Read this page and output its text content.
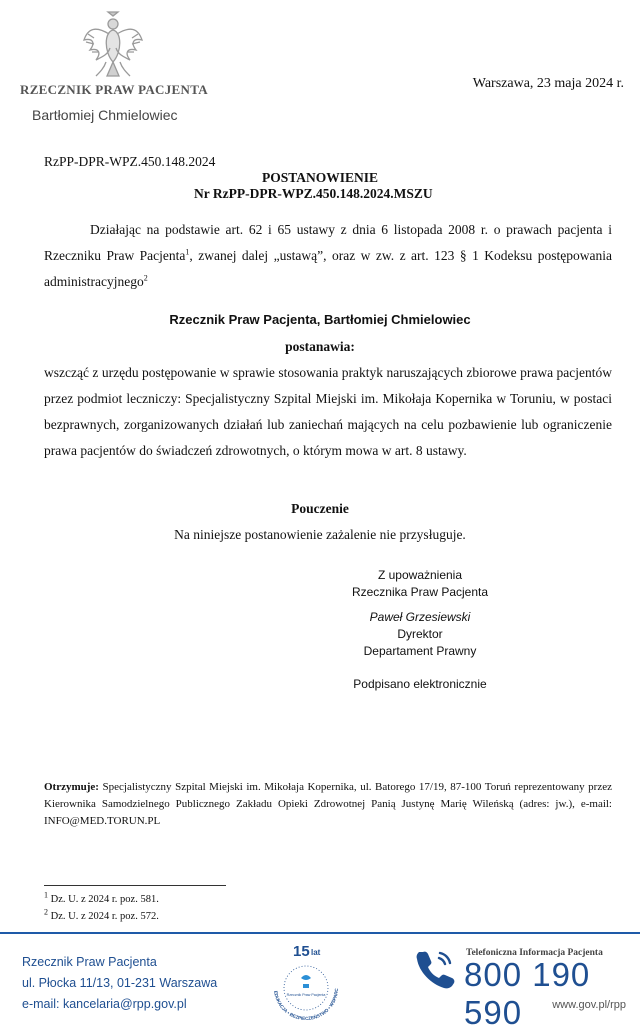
RZECZNIK PRAW PACJENTA
Bartłomiej Chmielowiec
Warszawa, 23 maja 2024 r.
RzPP-DPR-WPZ.450.148.2024
POSTANOWIENIE
Nr RzPP-DPR-WPZ.450.148.2024.MSZU
Działając na podstawie art. 62 i 65 ustawy z dnia 6 listopada 2008 r. o prawach pacjenta i Rzeczniku Praw Pacjenta$^1$, zwanej dalej „ustawą”, oraz w zw. z art. 123 § 1 Kodeksu postępowania administracyjnego$^2$
Rzecznik Praw Pacjenta, Bartłomiej Chmielowiec
postanawia:
wszcząć z urzędu postępowanie w sprawie stosowania praktyk naruszających zbiorowe prawa pacjentów przez podmiot leczniczy: Specjalistyczny Szpital Miejski im. Mikołaja Kopernika w Toruniu, w postaci bezprawnych, zorganizowanych działań lub zaniechań mających na celu pozbawienie lub ograniczenie prawa pacjentów do świadczeń zdrowotnych, o którym mowa w art. 8 ustawy.
Pouczenie
Na niniejsze postanowienie zażalenie nie przysługuje.
Z upoważnienia
Rzecznika Praw Pacjenta
Paweł Grzesiewski
Dyrektor
Departament Prawny
Podpisano elektronicznie
Otrzymuje: Specjalistyczny Szpital Miejski im. Mikołaja Kopernika, ul. Batorego 17/19, 87-100 Toruń reprezentowany przez Kierownika Samodzielnego Publicznego Zakładu Opieki Zdrowotnej Panią Justynę Marię Wileńską (adres: jw.), e-mail: INFO@MED.TORUN.PL
$^1$ Dz. U. z 2024 r. poz. 581.
$^2$ Dz. U. z 2024 r. poz. 572.
Rzecznik Praw Pacjenta
ul. Płocka 11/13, 01-231 Warszawa
e-mail: kancelaria@rpp.gov.pl
15 lat
EDUKACJA • BEZPIECZEŃSTWO • WSPARC
Rzecznik Praw Pacjenta
Telefoniczna Informacja Pacjenta
800 190 590	www.gov.pl/rpp
